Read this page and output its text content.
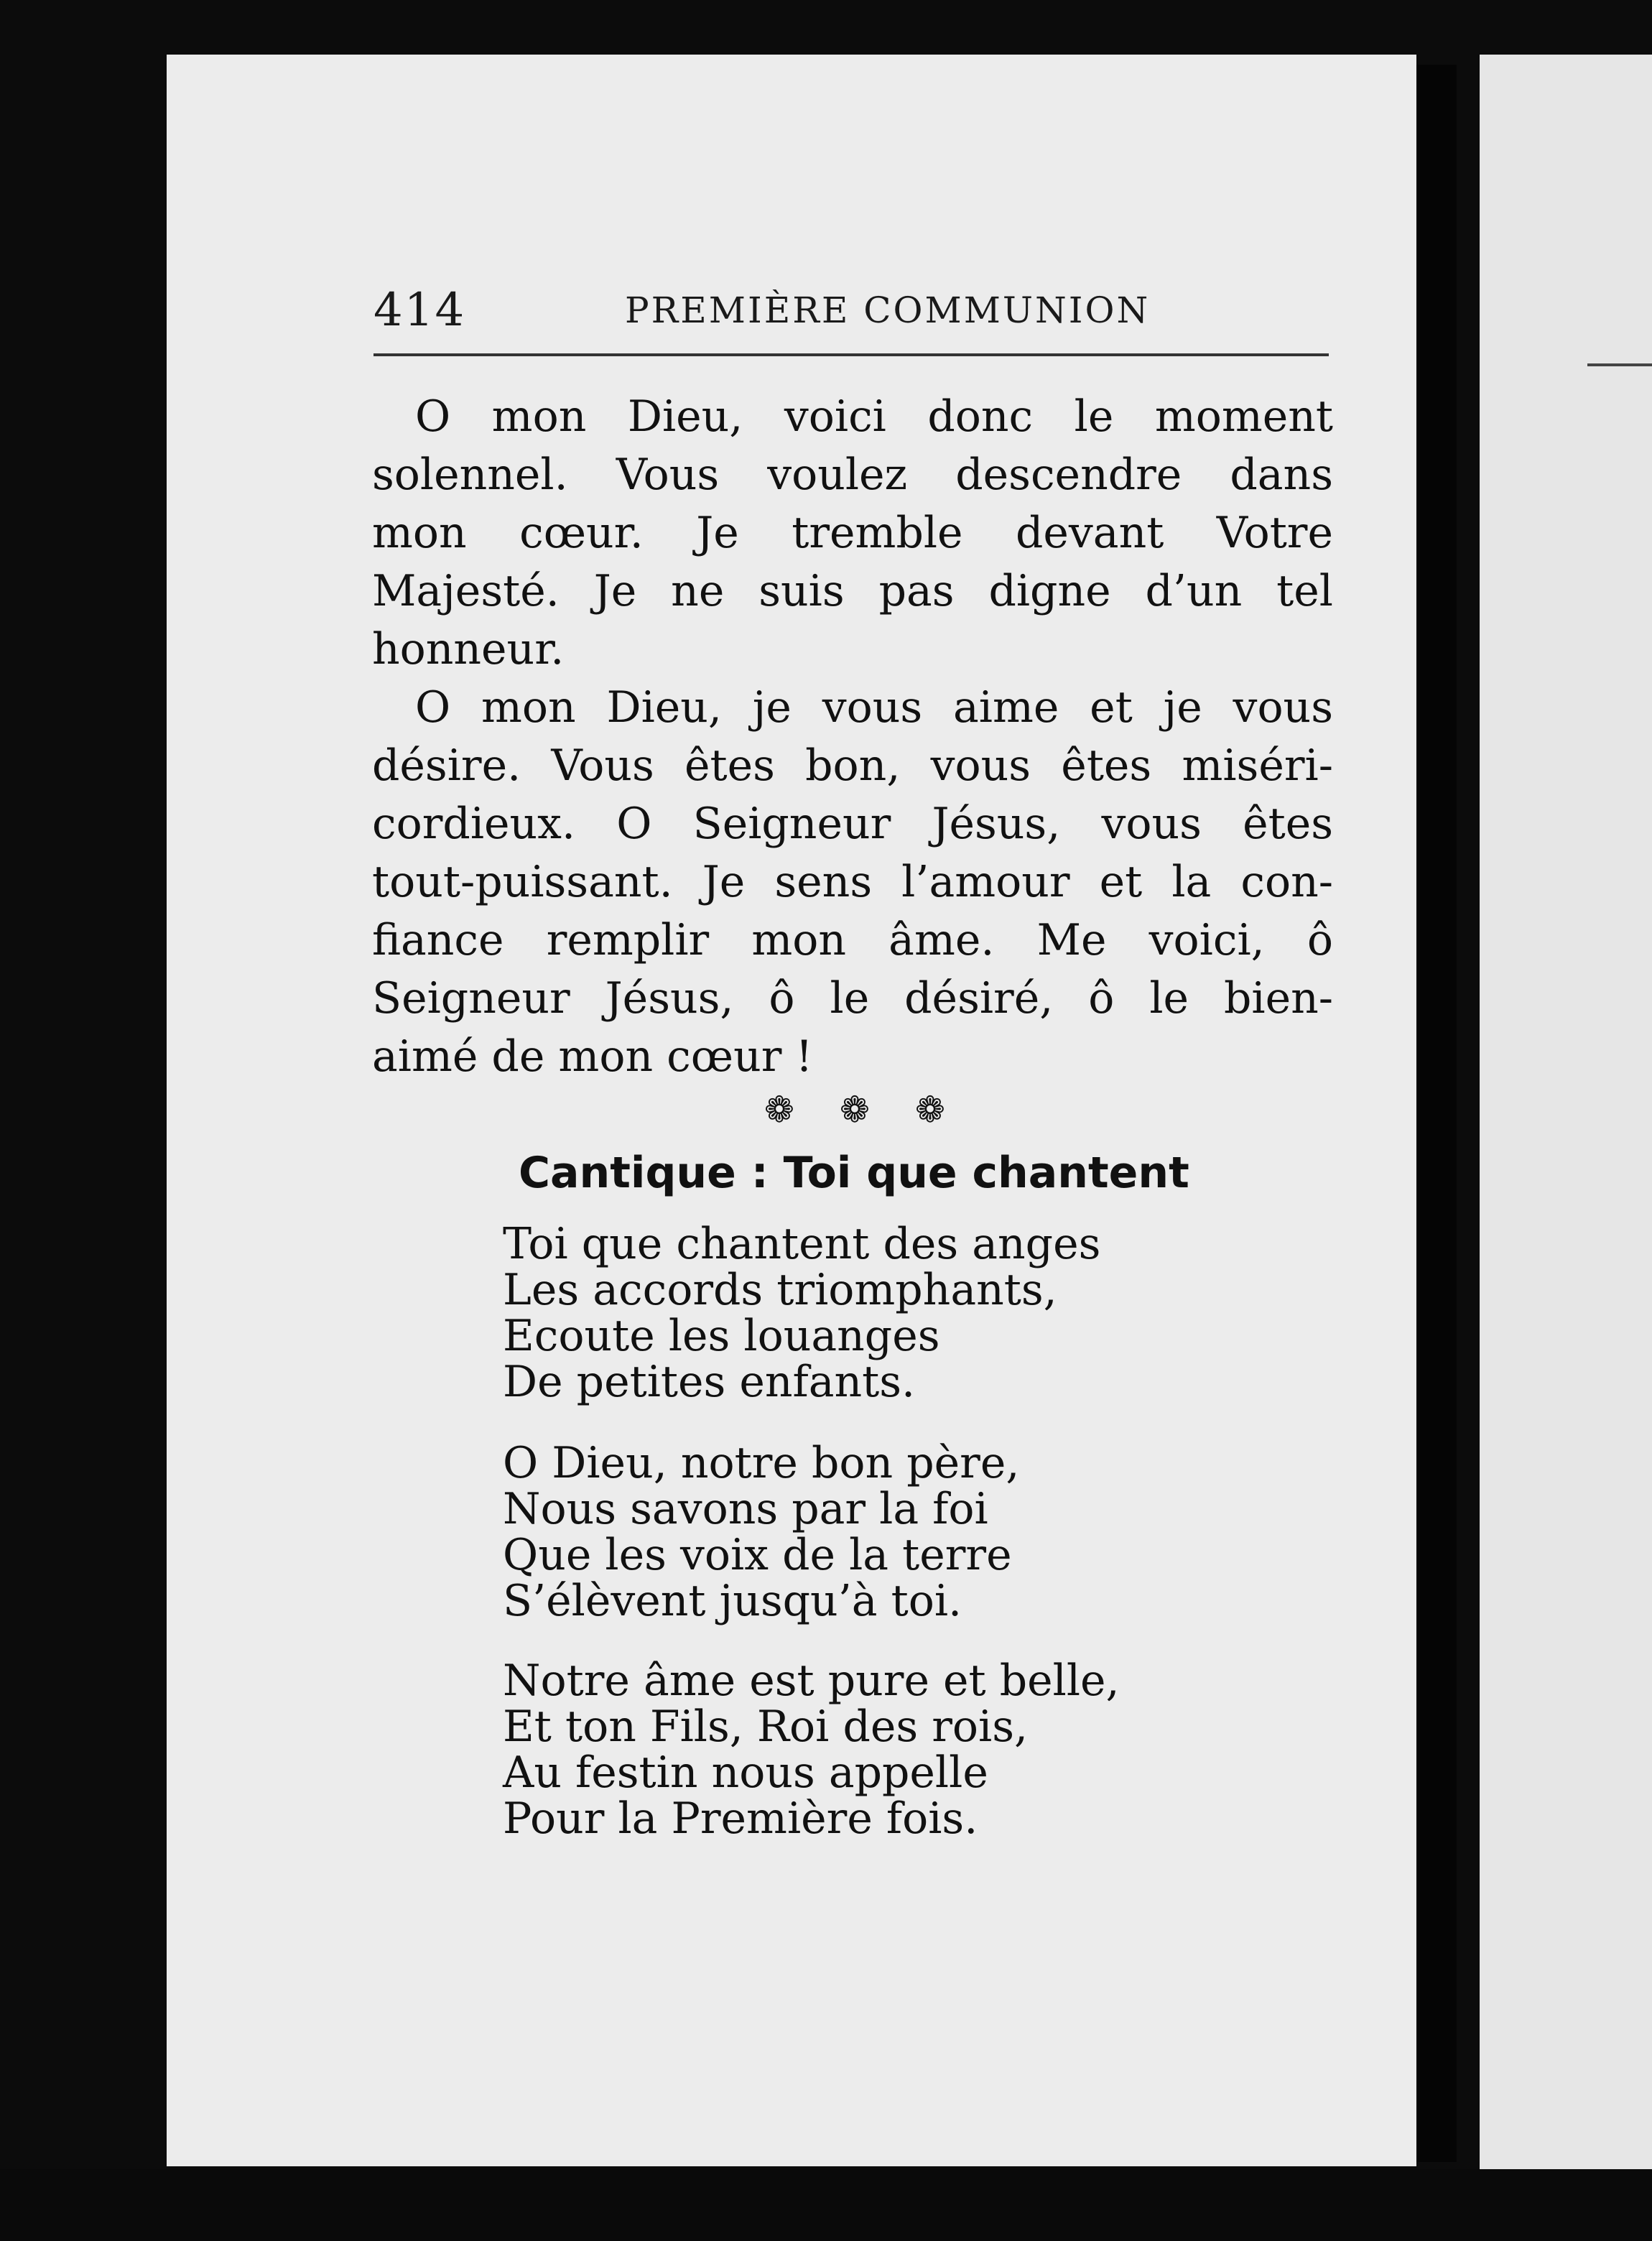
414	PREMIÈRE COMMUNION

O mon Dieu, voici donc le moment
solennel. Vous voulez descendre dans
mon cœur. Je tremble devant Votre
Majesté. Je ne suis pas digne d’un tel
honneur.

O mon Dieu, je vous aime et je vous
désire. Vous êtes bon, vous êtes miséri-
cordieux. O Seigneur Jésus, vous êtes
tout-puissant. Je sens l’amour et la con-
fiance remplir mon âme. Me voici, ô
Seigneur Jésus, ô le désiré, ô le bien-
aimé de mon cœur !

❁ ❁ ❁
Cantique : Toi que chantent
Toi que chantent des anges
Les accords triomphants,
Ecoute les louanges
De petites enfants.
O Dieu, notre bon père,
Nous savons par la foi
Que les voix de la terre
S’élèvent jusqu’à toi.
Notre âme est pure et belle,
Et ton Fils, Roi des rois,
Au festin nous appelle
Pour la Première fois.
